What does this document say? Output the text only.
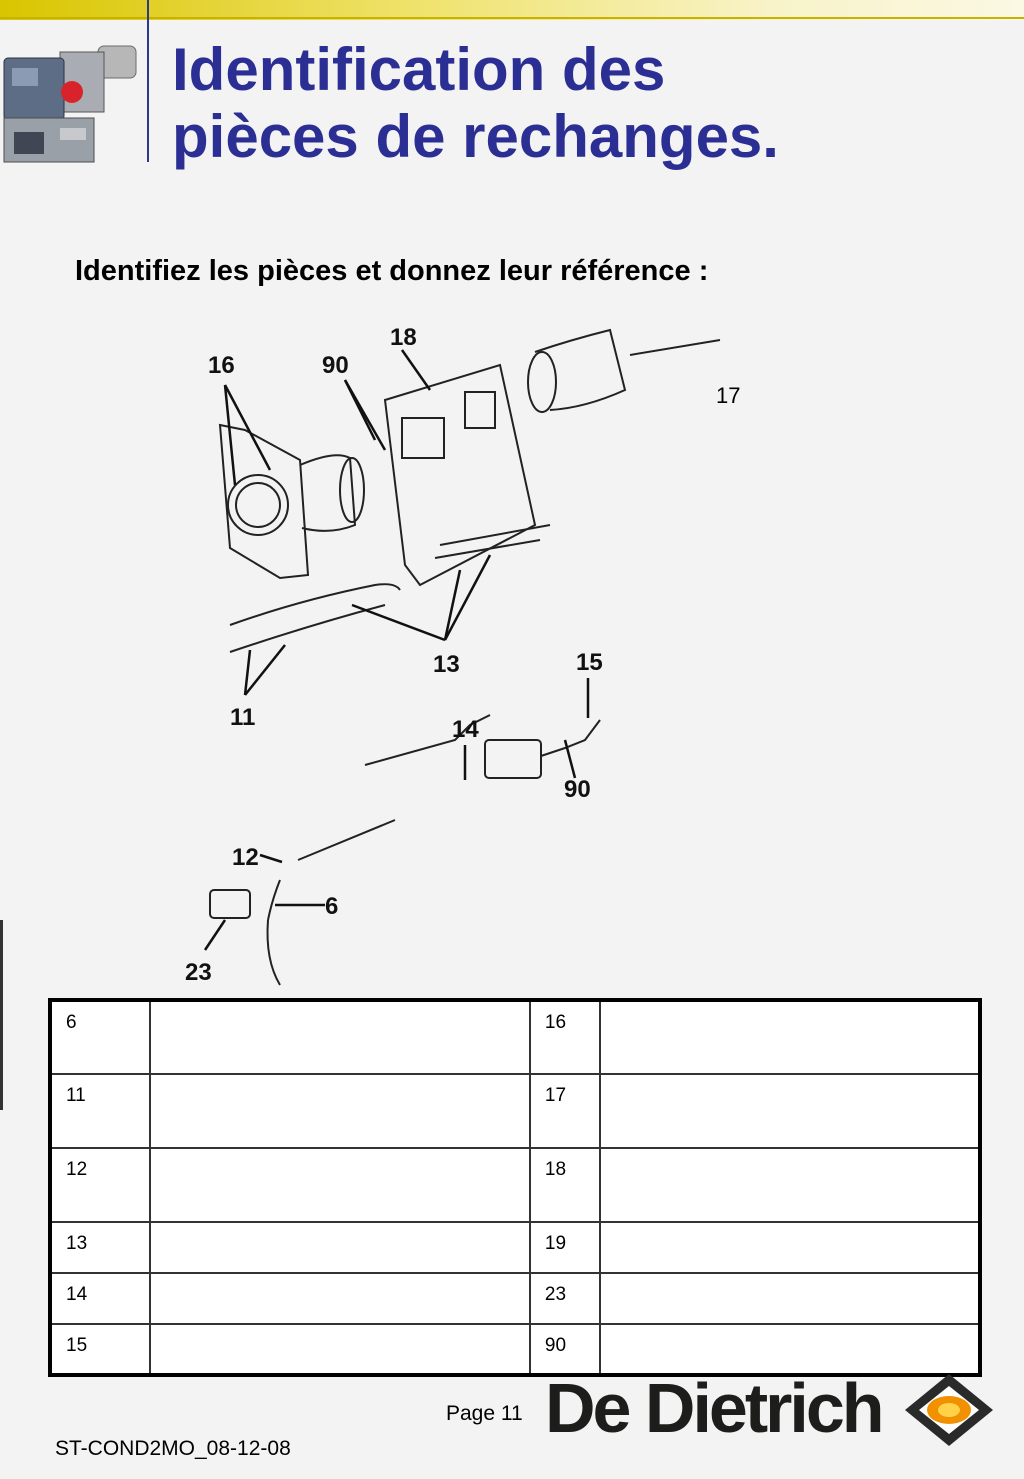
Identification des
pièces de rechanges.

Identifiez les pièces et donnez leur référence :

16	90
18
13
11
15
14
90
12
6
23
17
6		16	
11		17	
12		18	
13		19	
14		23	
15		90	
Page 11
ST-COND2MO_08-12-08
De Dietrich
